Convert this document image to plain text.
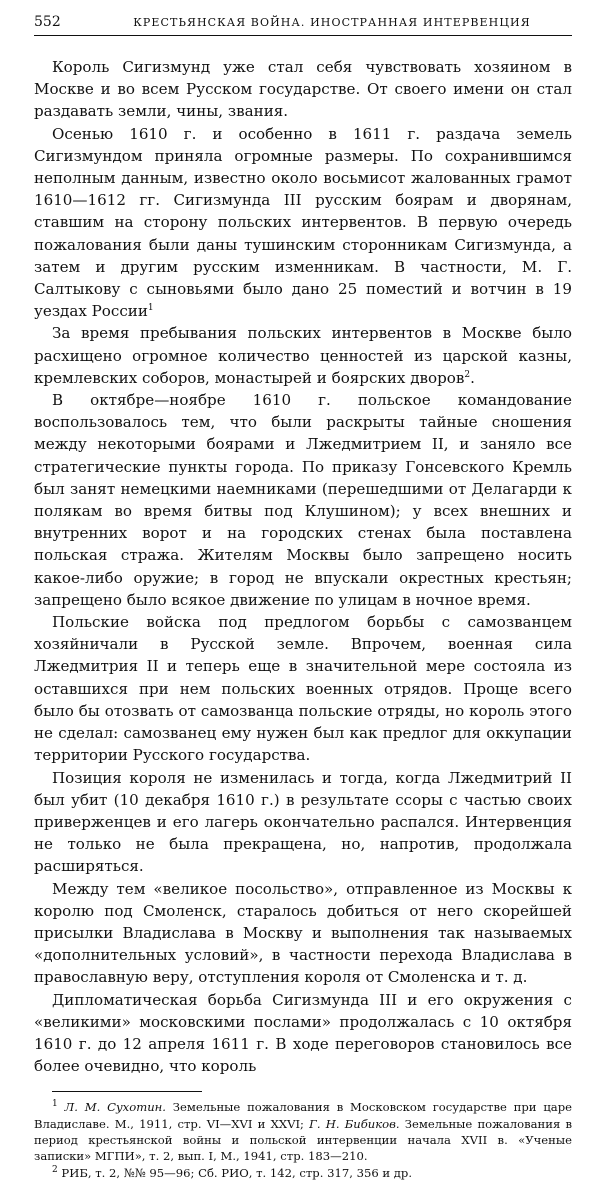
552	КРЕСТЬЯНСКАЯ ВОЙНА. ИНОСТРАННАЯ ИНТЕРВЕНЦИЯ

Король Сигизмунд уже стал себя чувствовать хозяином в Москве и во всем Русском государстве. От своего имени он стал раздавать земли, чины, звания.

Осенью 1610 г. и особенно в 1611 г. раздача земель Сигизмундом приняла огромные размеры. По сохранившимся неполным данным, известно около восьмисот жалованных грамот 1610—1612 гг. Сигизмунда III русским боярам и дворянам, ставшим на сторону польских интервентов. В первую очередь пожалования были даны тушинским сторонникам Сигизмунда, а затем и другим русским изменникам. В частности, М. Г. Салтыкову с сыновьями было дано 25 поместий и вотчин в 19 уездах России$^1$

За время пребывания польских интервентов в Москве было расхищено огромное количество ценностей из царской казны, кремлевских соборов, монастырей и боярских дворов$^2$.

В октябре—ноябре 1610 г. польское командование воспользовалось тем, что были раскрыты тайные сношения между некоторыми боярами и Лжедмитрием II, и заняло все стратегические пункты города. По приказу Гонсевского Кремль был занят немецкими наемниками (перешедшими от Делагарди к полякам во время битвы под Клушином); у всех внешних и внутренних ворот и на городских стенах была поставлена польская стража. Жителям Москвы было запрещено носить какое-либо оружие; в город не впускали окрестных крестьян; запрещено было всякое движение по улицам в ночное время.

Польские войска под предлогом борьбы с самозванцем хозяйничали в Русской земле. Впрочем, военная сила Лжедмитрия II и теперь еще в значительной мере состояла из оставшихся при нем польских военных отрядов. Проще всего было бы отозвать от самозванца польские отряды, но король этого не сделал: самозванец ему нужен был как предлог для оккупации территории Русского государства.

Позиция короля не изменилась и тогда, когда Лжедмитрий II был убит (10 декабря 1610 г.) в результате ссоры с частью своих приверженцев и его лагерь окончательно распался. Интервенция не только не была прекращена, но, напротив, продолжала расширяться.

Между тем «великое посольство», отправленное из Москвы к королю под Смоленск, старалось добиться от него скорейшей присылки Владислава в Москву и выполнения так называемых «дополнительных условий», в частности перехода Владислава в православную веру, отступления короля от Смоленска и т. д.

Дипломатическая борьба Сигизмунда III и его окружения с «великими» московскими послами» продолжалась с 10 октября 1610 г. до 12 апреля 1611 г. В ходе переговоров становилось все более очевидно, что король

$^1$ Л. М. Сухотин. Земельные пожалования в Московском государстве при царе Владиславе. М., 1911, стр. VI—XVI и XXVI; Г. Н. Бибиков. Земельные пожалования в период крестьянской войны и польской интервенции начала XVII в. «Ученые записки» МГПИ», т. 2, вып. I, М., 1941, стр. 183—210.

$^2$ РИБ, т. 2, №№ 95—96; Сб. РИО, т. 142, стр. 317, 356 и др.
